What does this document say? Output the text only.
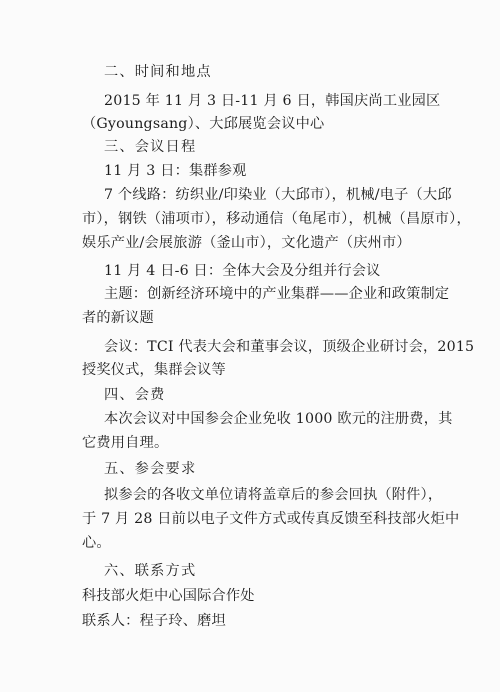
二、时间和地点
2015 年 11 月 3 日-11 月 6 日，韩国庆尚工业园区
（Gyoungsang）、大邱展览会议中心
三、会议日程
11 月 3 日：集群参观
7 个线路：纺织业/印染业（大邱市），机械/电子（大邱
市），钢铁（浦项市），移动通信（龟尾市），机械（昌原市），
娱乐产业/会展旅游（釜山市），文化遗产（庆州市）
11 月 4 日-6 日：全体大会及分组并行会议
主题：创新经济环境中的产业集群——企业和政策制定
者的新议题
会议：TCI 代表大会和董事会议，顶级企业研讨会，2015
授奖仪式，集群会议等
四、会费
本次会议对中国参会企业免收 1000 欧元的注册费，其
它费用自理。
五、参会要求
拟参会的各收文单位请将盖章后的参会回执（附件），
于 7 月 28 日前以电子文件方式或传真反馈至科技部火炬中
心。
六、联系方式
科技部火炬中心国际合作处
联系人：程子玲、磨坦
